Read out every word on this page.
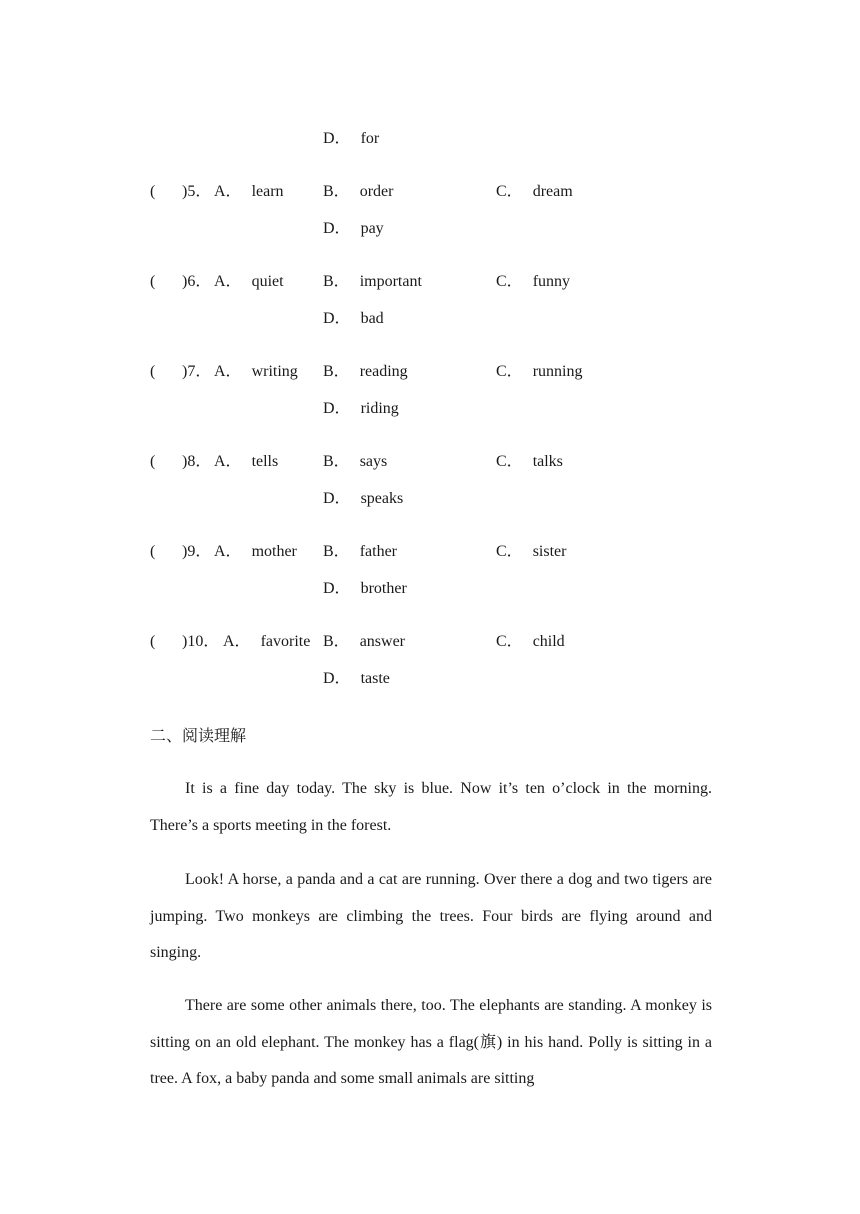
D． for
( )5． A． learn B． order	C． dream
D． pay
( )6． A． quiet B． important	C． funny
D． bad
( )7． A． writing B． reading	C． running
D． riding
( )8． A． tells	B． says	C． talks
D． speaks
( )9． A． mother B． father	C． sister
D． brother
( )10． A． favorite B． answer	C． child
D． taste
二、阅读理解

It is a fine day today. The sky is blue. Now it’s ten o’clock in the morning. There’s a sports meeting in the forest.

Look! A horse, a panda and a cat are running. Over there a dog and two tigers are jumping. Two monkeys are climbing the trees. Four birds are flying around and singing.

There are some other animals there, too. The elephants are standing. A monkey is sitting on an old elephant. The monkey has a flag(旗) in his hand. Polly is sitting in a tree. A fox, a baby panda and some small animals are sitting
